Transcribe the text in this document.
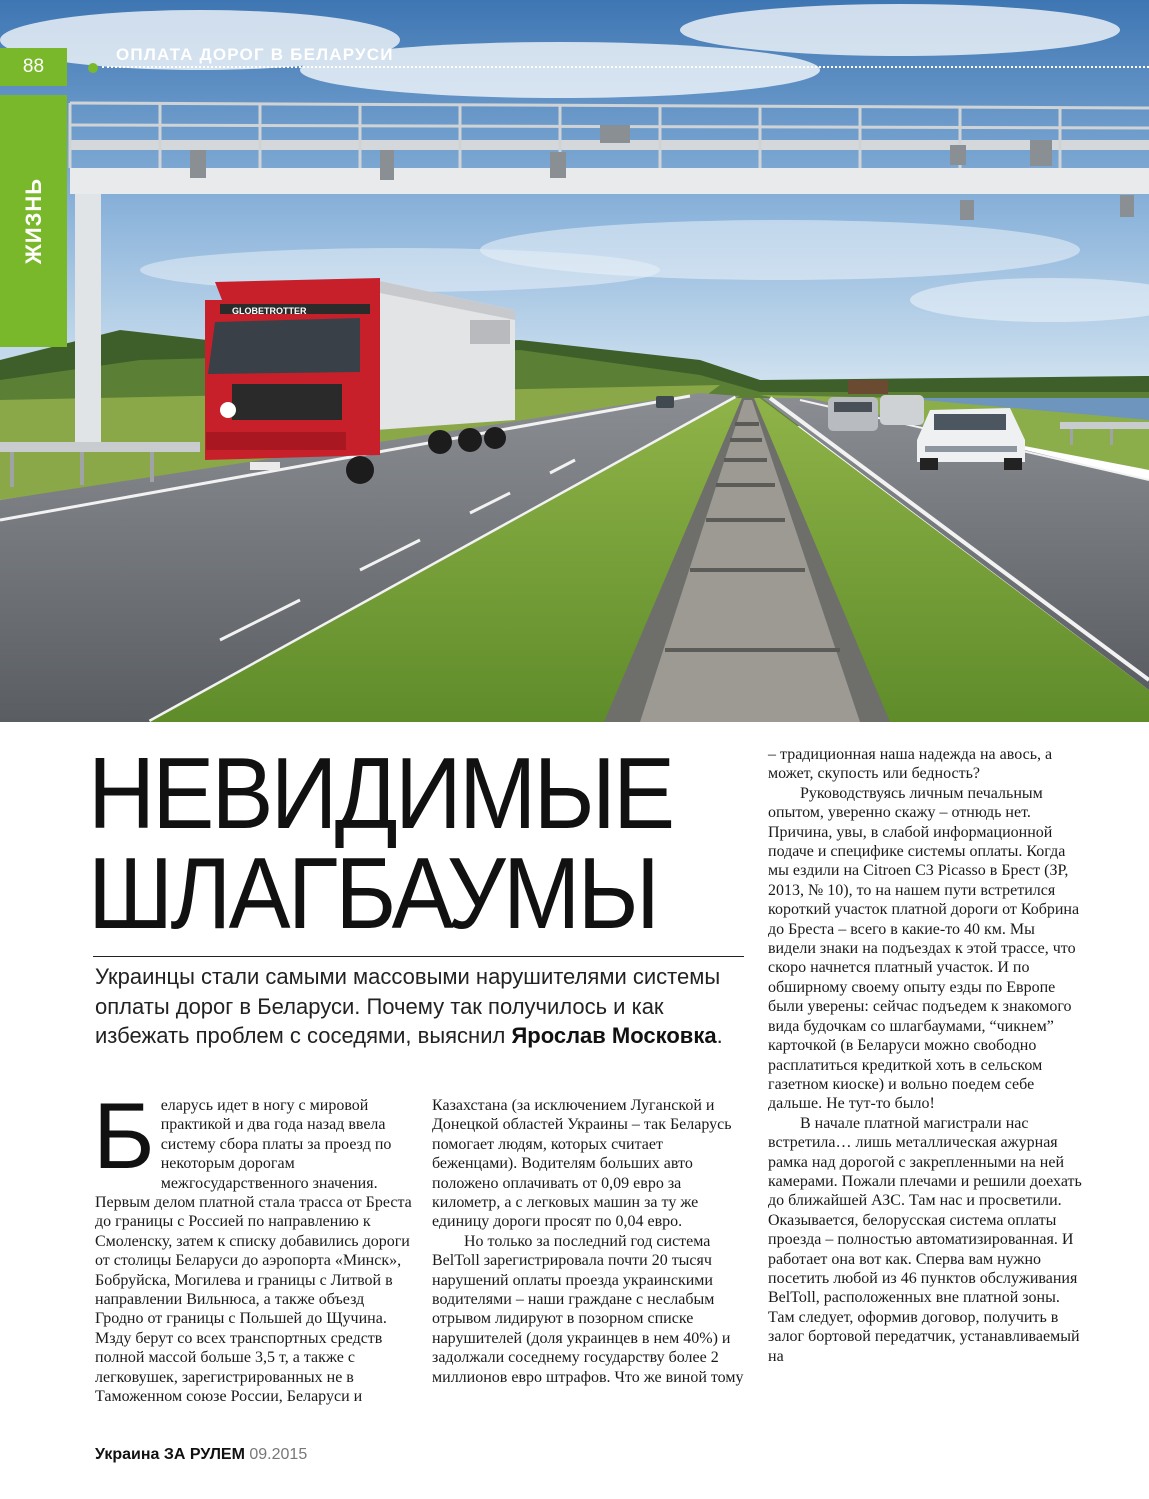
GLOBETROTTER
88
ОПЛАТА ДОРОГ В БЕЛАРУСИ
ЖИЗНЬ
НЕВИДИМЫЕ
ШЛАГБАУМЫ
Украинцы стали самыми массовыми нарушителями системы оплаты дорог в Беларуси. Почему так получилось и как избежать проблем с соседями, выяснил Ярослав Московка.

Беларусь идет в ногу с мировой практикой и два года назад ввела систему сбора платы за проезд по некоторым дорогам межгосударственного значения. Первым делом платной стала трасса от Бреста до границы с Россией по направлению к Смоленску, затем к списку добавились дороги от столицы Беларуси до аэропорта «Минск», Бобруйска, Могилева и границы с Литвой в направлении Вильнюса, а также объезд Гродно от границы с Польшей до Щучина. Мзду берут со всех транспортных средств полной массой больше 3,5 т, а также с легковушек, зарегистрированных не в Таможенном союзе России, Беларуси и

Казахстана (за исключением Луганской и Донецкой областей Украины – так Беларусь помогает людям, которых считает беженцами). Водителям больших авто положено оплачивать от 0,09 евро за километр, а с легковых машин за ту же единицу дороги просят по 0,04 евро.

Но только за последний год система BelToll зарегистрировала почти 20 тысяч нарушений оплаты проезда украинскими водителями – наши граждане с неслабым отрывом лидируют в позорном списке нарушителей (доля украинцев в нем 40%) и задолжали соседнему государству более 2 миллионов евро штрафов. Что же виной тому

– традиционная наша надежда на авось, а может, скупость или бедность?

Руководствуясь личным печальным опытом, уверенно скажу – отнюдь нет. Причина, увы, в слабой информационной подаче и специфике системы оплаты. Когда мы ездили на Citroen C3 Picasso в Брест (ЗР, 2013, № 10), то на нашем пути встретился короткий участок платной дороги от Кобрина до Бреста – всего в какие-то 40 км. Мы видели знаки на подъездах к этой трассе, что скоро начнется платный участок. И по обширному своему опыту езды по Европе были уверены: сейчас подъедем к знакомого вида будочкам со шлагбаумами, “чикнем” карточкой (в Беларуси можно свободно расплатиться кредиткой хоть в сельском газетном киоске) и вольно поедем себе дальше. Не тут-то было!

В начале платной магистрали нас встретила… лишь металлическая ажурная рамка над дорогой с закрепленными на ней камерами. Пожали плечами и решили доехать до ближайшей АЗС. Там нас и просветили. Оказывается, белорусская система оплаты проезда – полностью автоматизированная. И работает она вот как. Сперва вам нужно посетить любой из 46 пунктов обслуживания BelToll, расположенных вне платной зоны. Там следует, оформив договор, получить в залог бортовой передатчик, устанавливаемый на

Украина ЗА РУЛЕМ 09.2015
